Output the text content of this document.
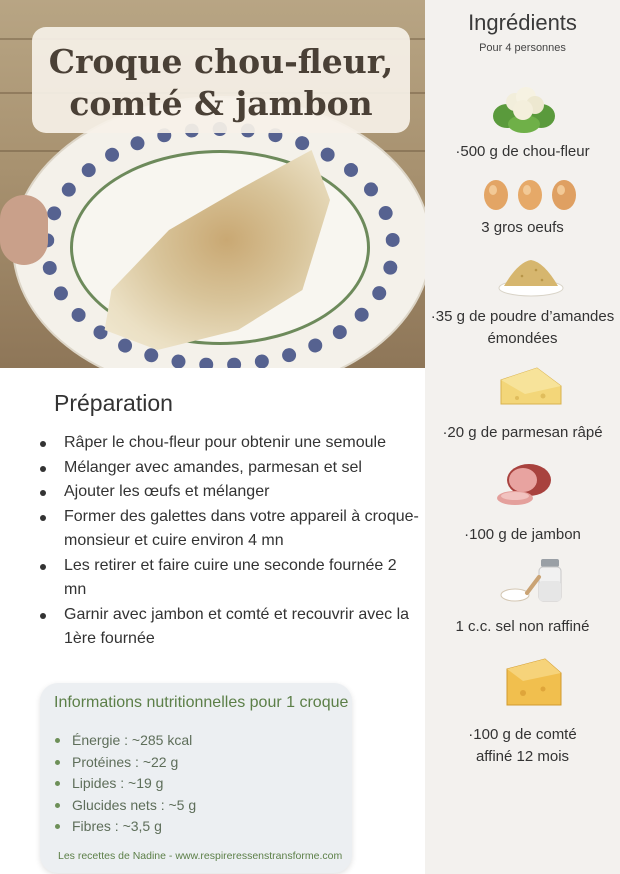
Croque chou-fleur,
comté & jambon
Ingrédients
Pour 4 personnes
·500 g de chou-fleur
3 gros oeufs
·35 g de poudre d’amandes
émondées
·20 g de parmesan râpé
·100 g de jambon
1 c.c. sel non raffiné
·100 g de comté
affiné 12 mois
Préparation
Râper le chou-fleur pour obtenir une semoule
Mélanger avec amandes, parmesan et sel
Ajouter les œufs et mélanger
Former des galettes dans votre appareil à croque-monsieur et cuire environ 4 mn
Les retirer et faire cuire une seconde fournée 2 mn
Garnir avec jambon et comté et recouvrir avec la 1ère fournée
Informations nutritionnelles pour 1 croque
Énergie : ~285 kcal
Protéines : ~22 g
Lipides : ~19 g
Glucides nets : ~5 g
Fibres : ~3,5 g
Les recettes de Nadine - www.respireressenstransforme.com
